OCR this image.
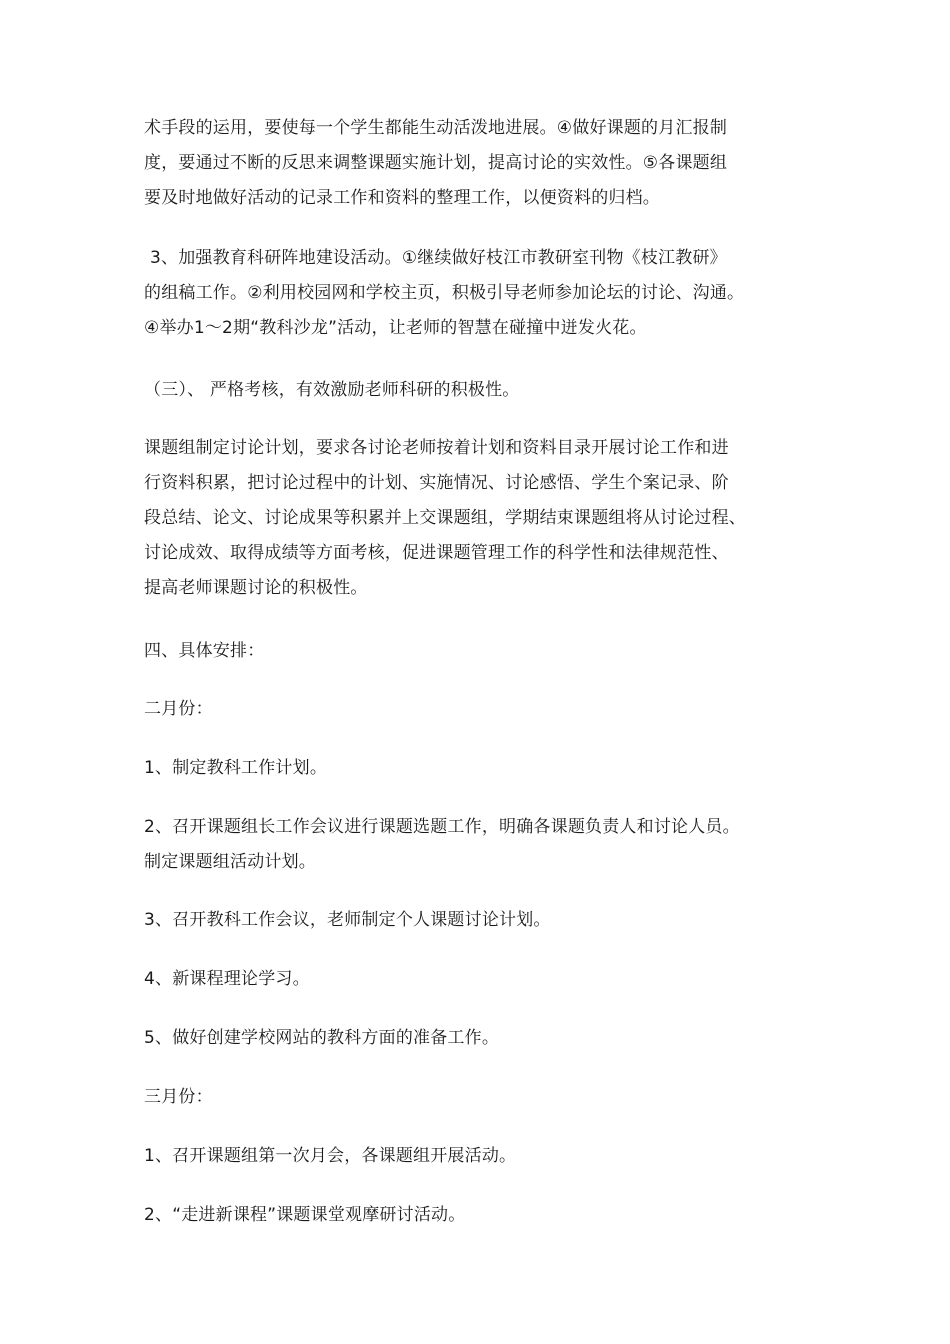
术手段的运用，要使每一个学生都能生动活泼地进展。④做好课题的月汇报制
度，要通过不断的反思来调整课题实施计划，提高讨论的实效性。⑤各课题组
要及时地做好活动的记录工作和资料的整理工作，以便资料的归档。
3、加强教育科研阵地建设活动。①继续做好枝江市教研室刊物《枝江教研》
的组稿工作。②利用校园网和学校主页，积极引导老师参加论坛的讨论、沟通。
④举办1～2期“教科沙龙”活动，让老师的智慧在碰撞中迸发火花。
（三）、 严格考核，有效激励老师科研的积极性。
课题组制定讨论计划，要求各讨论老师按着计划和资料目录开展讨论工作和进
行资料积累，把讨论过程中的计划、实施情况、讨论感悟、学生个案记录、阶
段总结、论文、讨论成果等积累并上交课题组，学期结束课题组将从讨论过程、
讨论成效、取得成绩等方面考核，促进课题管理工作的科学性和法律规范性、
提高老师课题讨论的积极性。
四、具体安排：
二月份：
1、制定教科工作计划。
2、召开课题组长工作会议进行课题选题工作，明确各课题负责人和讨论人员。
制定课题组活动计划。
3、召开教科工作会议，老师制定个人课题讨论计划。
4、新课程理论学习。
5、做好创建学校网站的教科方面的准备工作。
三月份：
1、召开课题组第一次月会，各课题组开展活动。
2、“走进新课程”课题课堂观摩研讨活动。
